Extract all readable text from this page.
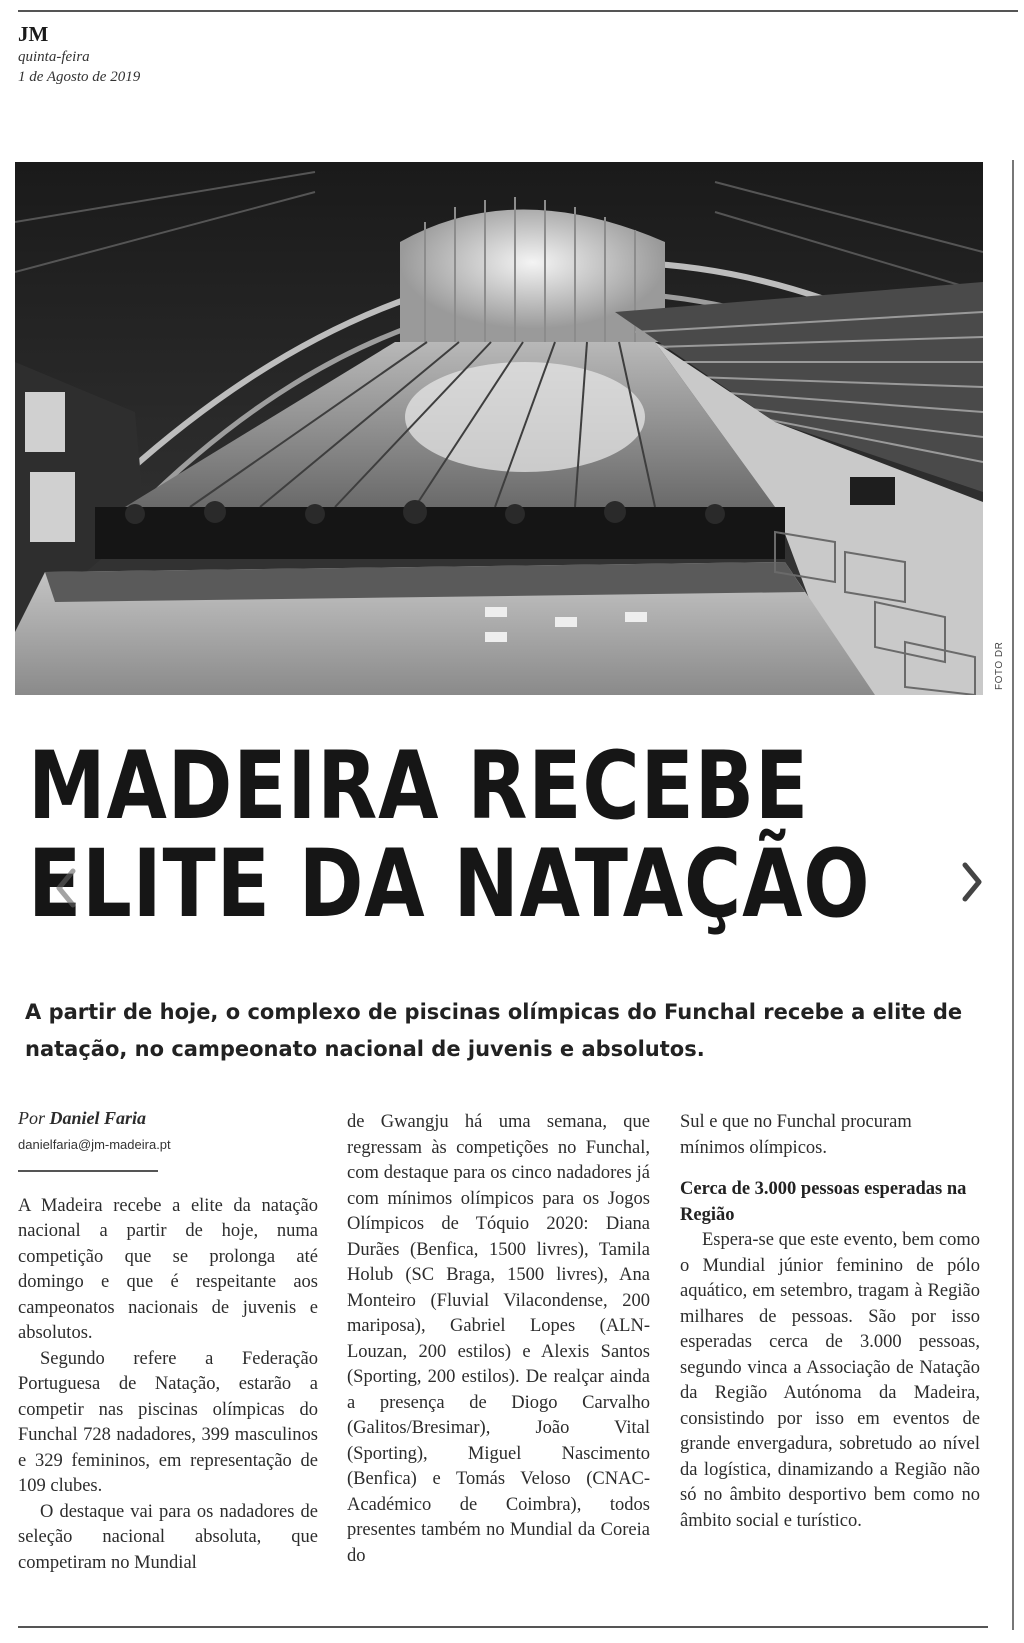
JM
quinta-feira
1 de Agosto de 2019
FOTO DR
MADEIRA RECEBE
ELITE DA NATAÇÃO
A partir de hoje, o complexo de piscinas olímpicas do Funchal recebe a elite de natação, no campeonato nacional de juvenis e absolutos.

Por Daniel Faria

danielfaria@jm-madeira.pt

A Madeira recebe a elite da natação nacional a partir de hoje, numa competição que se prolonga até domingo e que é respeitante aos campeonatos nacionais de juvenis e absolutos.

Segundo refere a Federação Portuguesa de Natação, estarão a competir nas piscinas olímpicas do Funchal 728 nadadores, 399 masculinos e 329 femininos, em representação de 109 clubes.

O destaque vai para os nadadores de seleção nacional absoluta, que competiram no Mundial

de Gwangju há uma semana, que regressam às competições no Funchal, com destaque para os cinco nadadores já com mínimos olímpicos para os Jogos Olímpicos de Tóquio 2020: Diana Durães (Benfica, 1500 livres), Tamila Holub (SC Braga, 1500 livres), Ana Monteiro (Fluvial Vilacondense, 200 mariposa), Gabriel Lopes (ALN-Louzan, 200 estilos) e Alexis Santos (Sporting, 200 estilos). De realçar ainda a presença de Diogo Carvalho (Galitos/Bresimar), João Vital (Sporting), Miguel Nascimento (Benfica) e Tomás Veloso (CNAC-Académico de Coimbra), todos presentes também no Mundial da Coreia do

Sul e que no Funchal procuram mínimos olímpicos.

Cerca de 3.000 pessoas esperadas na Região

Espera-se que este evento, bem como o Mundial júnior feminino de pólo aquático, em setembro, tragam à Região milhares de pessoas. São por isso esperadas cerca de 3.000 pessoas, segundo vinca a Associação de Natação da Região Autónoma da Madeira, consistindo por isso em eventos de grande envergadura, sobretudo ao nível da logística, dinamizando a Região não só no âmbito desportivo bem como no âmbito social e turístico.
